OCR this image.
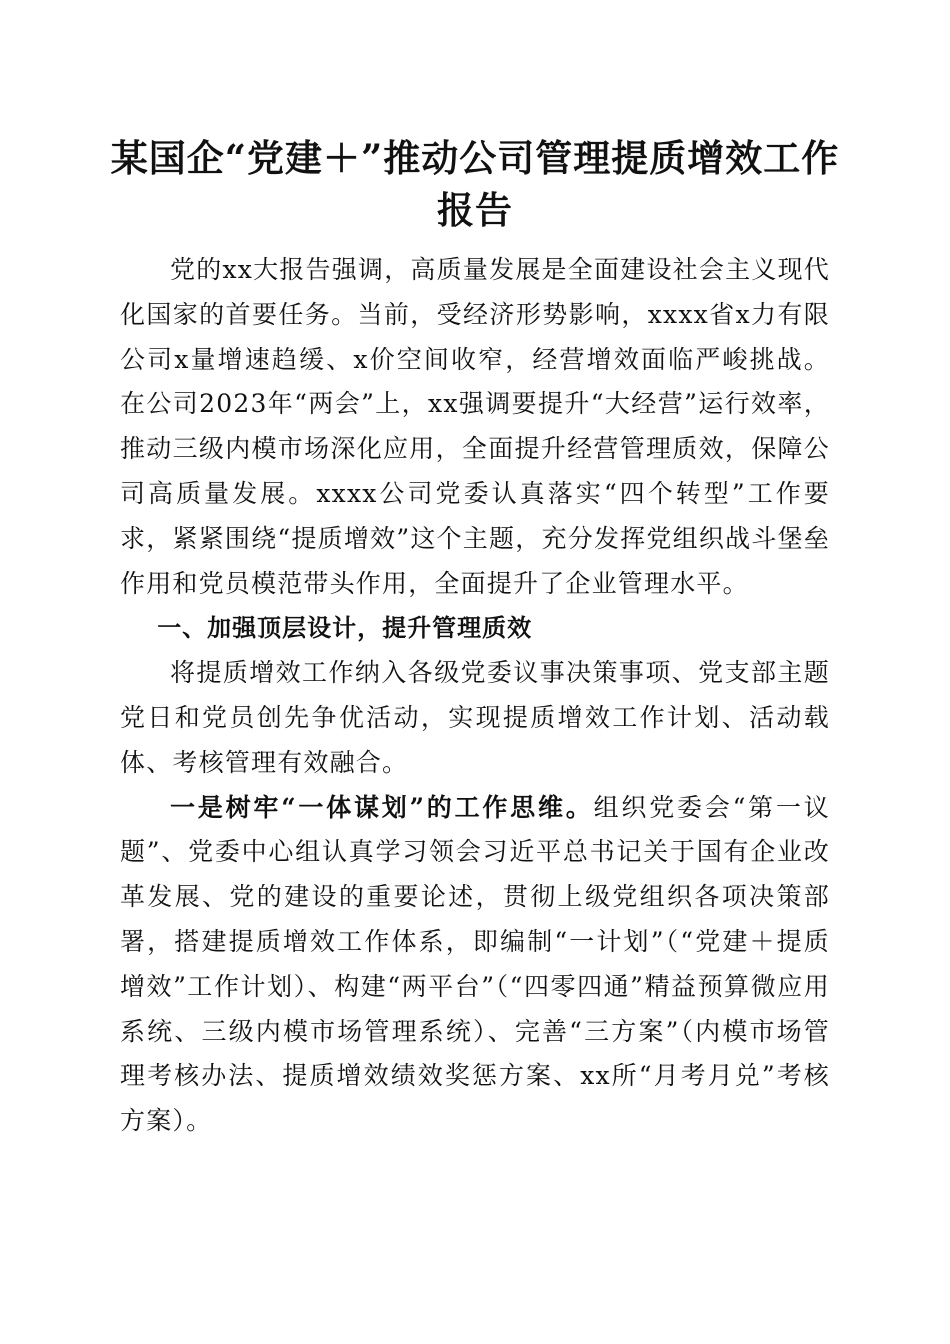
某国企“党建＋”推动公司管理提质增效工作报告

党的xx大报告强调，高质量发展是全面建设社会主义现代化国家的首要任务。当前，受经济形势影响，xxxx省x力有限公司x量增速趋缓、x价空间收窄，经营增效面临严峻挑战。在公司2023年“两会”上，xx强调要提升“大经营”运行效率，推动三级内模市场深化应用，全面提升经营管理质效，保障公司高质量发展。xxxx公司党委认真落实“四个转型”工作要求，紧紧围绕“提质增效”这个主题，充分发挥党组织战斗堡垒作用和党员模范带头作用，全面提升了企业管理水平。

一、加强顶层设计，提升管理质效

将提质增效工作纳入各级党委议事决策事项、党支部主题党日和党员创先争优活动，实现提质增效工作计划、活动载体、考核管理有效融合。

一是树牢“一体谋划”的工作思维。组织党委会“第一议题”、党委中心组认真学习领会习近平总书记关于国有企业改革发展、党的建设的重要论述，贯彻上级党组织各项决策部署，搭建提质增效工作体系，即编制“一计划”（“党建＋提质增效”工作计划）、构建“两平台”（“四零四通”精益预算微应用系统、三级内模市场管理系统）、完善“三方案”（内模市场管理考核办法、提质增效绩效奖惩方案、xx所“月考月兑”考核方案）。
